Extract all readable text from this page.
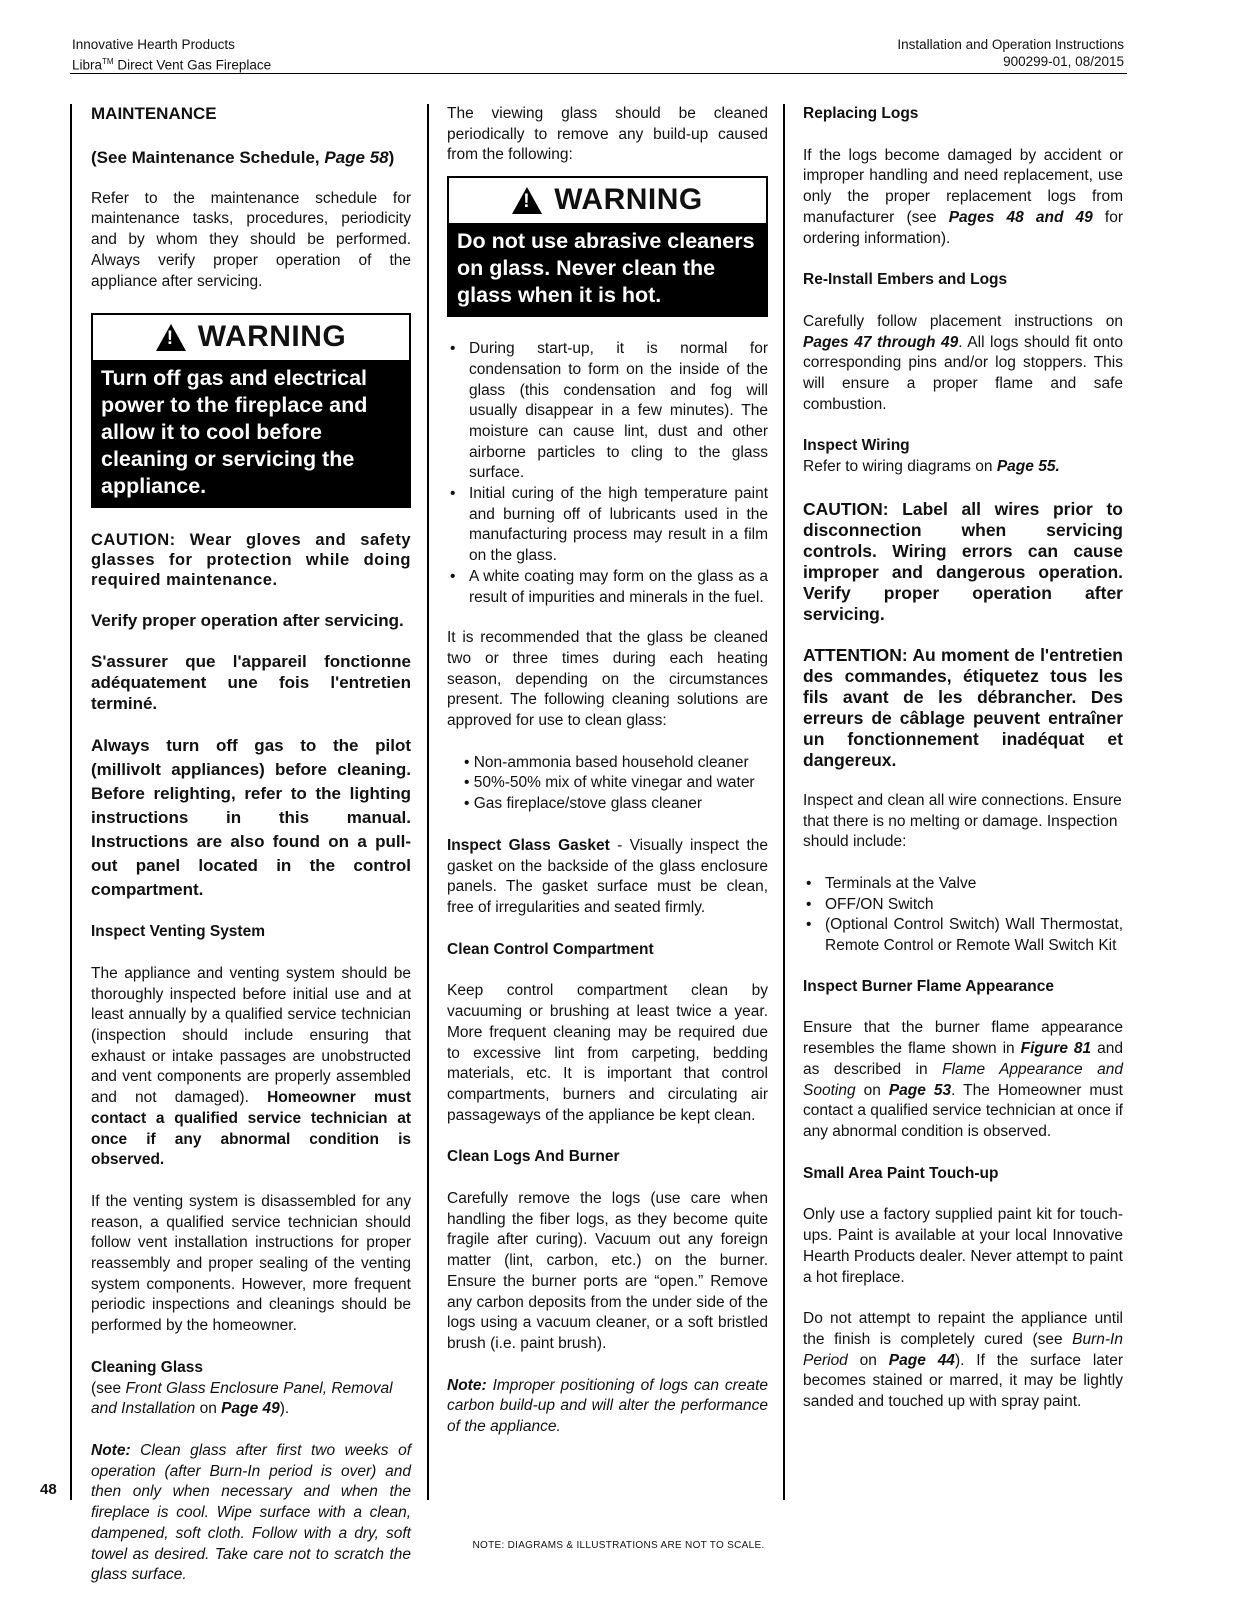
Innovative Hearth Products
Libra™ Direct Vent Gas Fireplace
Installation and Operation Instructions
900299-01, 08/2015
MAINTENANCE
(See Maintenance Schedule, Page 58)

Refer to the maintenance schedule for maintenance tasks, procedures, periodicity and by whom they should be performed. Always verify proper operation of the appliance after servicing.

!
WARNING
Turn off gas and electrical power to the fireplace and allow it to cool before cleaning or servicing the appliance.
CAUTION: Wear gloves and safety glasses for protection while doing required maintenance.
Verify proper operation after servicing.
S'assurer que l'appareil fonctionne adéquatement une fois l'entretien terminé.
Always turn off gas to the pilot (millivolt appliances) before cleaning. Before relighting, refer to the lighting instructions in this manual. Instructions are also found on a pull-out panel located in the control compartment.
Inspect Venting System

The appliance and venting system should be thoroughly inspected before initial use and at least annually by a qualified service technician (inspection should include ensuring that exhaust or intake passages are unobstructed and vent components are properly assembled and not damaged). Homeowner must contact a qualified service technician at once if any abnormal condition is observed.

If the venting system is disassembled for any reason, a qualified service technician should follow vent installation instructions for proper reassembly and proper sealing of the venting system components. However, more frequent periodic inspections and cleanings should be performed by the homeowner.

Cleaning Glass

(see Front Glass Enclosure Panel, Removal and Installation on Page 49).

Note: Clean glass after first two weeks of operation (after Burn-In period is over) and then only when necessary and when the fireplace is cool. Wipe surface with a clean, dampened, soft cloth. Follow with a dry, soft towel as desired. Take care not to scratch the glass surface.

The viewing glass should be cleaned periodically to remove any build-up caused from the following:

!
WARNING
Do not use abrasive cleaners on glass. Never clean the glass when it is hot.
• During start-up, it is normal for condensation to form on the inside of the glass (this condensation and fog will usually disappear in a few minutes). The moisture can cause lint, dust and other airborne particles to cling to the glass surface.
• Initial curing of the high temperature paint and burning off of lubricants used in the manufacturing process may result in a film on the glass.
• A white coating may form on the glass as a result of impurities and minerals in the fuel.

It is recommended that the glass be cleaned two or three times during each heating season, depending on the circumstances present. The following cleaning solutions are approved for use to clean glass:

• Non-ammonia based household cleaner
• 50%-50% mix of white vinegar and water
• Gas fireplace/stove glass cleaner

Inspect Glass Gasket - Visually inspect the gasket on the backside of the glass enclosure panels. The gasket surface must be clean, free of irregularities and seated firmly.

Clean Control Compartment

Keep control compartment clean by vacuuming or brushing at least twice a year. More frequent cleaning may be required due to excessive lint from carpeting, bedding materials, etc. It is important that control compartments, burners and circulating air passageways of the appliance be kept clean.

Clean Logs And Burner

Carefully remove the logs (use care when handling the fiber logs, as they become quite fragile after curing). Vacuum out any foreign matter (lint, carbon, etc.) on the burner. Ensure the burner ports are “open.” Remove any carbon deposits from the under side of the logs using a vacuum cleaner, or a soft bristled brush (i.e. paint brush).

Note: Improper positioning of logs can create carbon build-up and will alter the performance of the appliance.

Replacing Logs

If the logs become damaged by accident or improper handling and need replacement, use only the proper replacement logs from manufacturer (see Pages 48 and 49 for ordering information).

Re-Install Embers and Logs

Carefully follow placement instructions on Pages 47 through 49. All logs should fit onto corresponding pins and/or log stoppers. This will ensure a proper flame and safe combustion.

Inspect Wiring

Refer to wiring diagrams on Page 55.

CAUTION: Label all wires prior to disconnection when servicing controls. Wiring errors can cause improper and dangerous operation. Verify proper operation after servicing.
ATTENTION: Au moment de l'entretien des commandes, étiquetez tous les fils avant de les débrancher. Des erreurs de câblage peuvent entraîner un fonctionnement inadéquat et dangereux.

Inspect and clean all wire connections. Ensure that there is no melting or damage. Inspection should include:

• Terminals at the Valve
• OFF/ON Switch
• (Optional Control Switch) Wall Thermostat, Remote Control or Remote Wall Switch Kit
Inspect Burner Flame Appearance

Ensure that the burner flame appearance resembles the flame shown in Figure 81 and as described in Flame Appearance and Sooting on Page 53. The Homeowner must contact a qualified service technician at once if any abnormal condition is observed.

Small Area Paint Touch-up

Only use a factory supplied paint kit for touch-ups. Paint is available at your local Innovative Hearth Products dealer. Never attempt to paint a hot fireplace.

Do not attempt to repaint the appliance until the finish is completely cured (see Burn-In Period on Page 44). If the surface later becomes stained or marred, it may be lightly sanded and touched up with spray paint.

48
NOTE: DIAGRAMS & ILLUSTRATIONS ARE NOT TO SCALE.
